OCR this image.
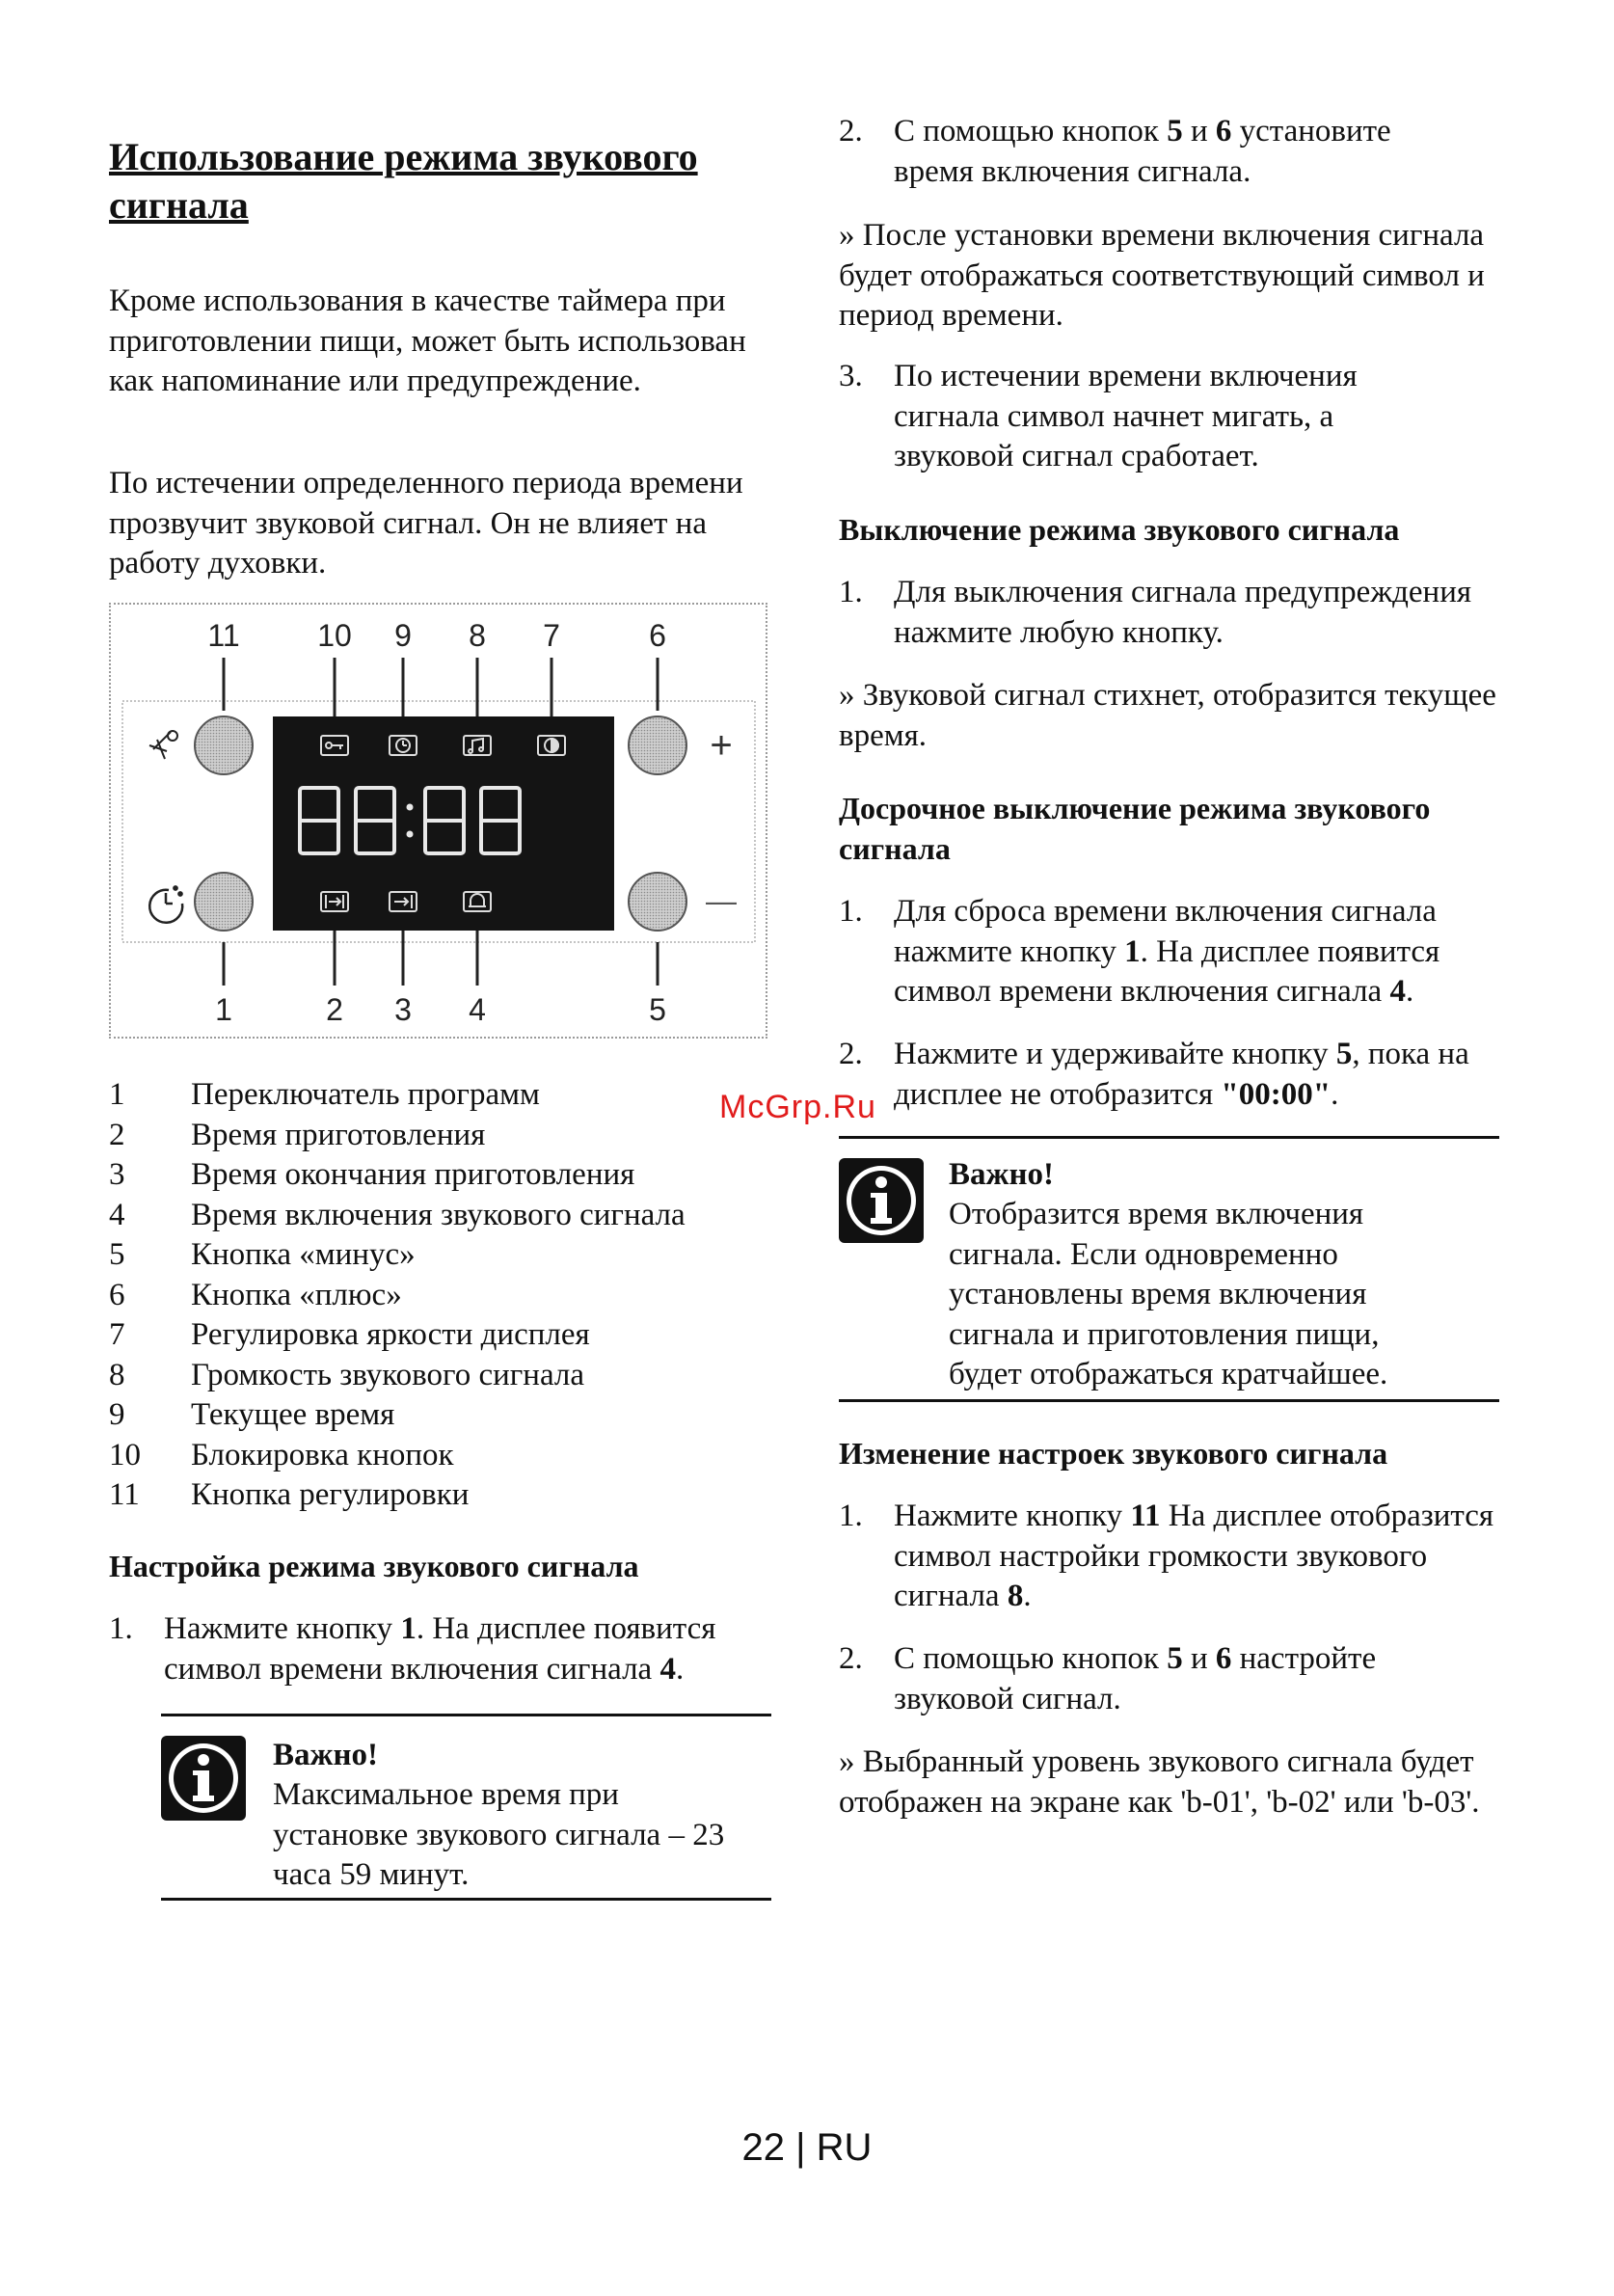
Использование режима звукового сигнала

Кроме использования в качестве таймера при приготовлении пищи, может быть использован как напоминание или предупреждение.

По истечении определенного периода времени прозвучит звуковой сигнал. Он не влияет на работу духовки.

1 Переключатель программ
2 Время приготовления
3 Время окончания приготовления
4 Время включения звукового сигнала
5 Кнопка «минус»
6 Кнопка «плюс»
7 Регулировка яркости дисплея
8 Громкость звукового сигнала
9 Текущее время
10 Блокировка кнопок
11 Кнопка регулировки

Настройка режима звукового сигнала

1. Нажмите кнопку 1. На дисплее появится символ времени включения сигнала 4.

Важно!

Максимальное время при установке звукового сигнала – 23 часа 59 минут.

11	10 9 8 7	6
1	2 3 4	5
+
—
2. С помощью кнопок 5 и 6 установите время включения сигнала.

» После установки времени включения сигнала будет отображаться соответствующий символ и период времени.

3. По истечении времени включения сигнала символ начнет мигать, а звуковой сигнал сработает.

Выключение режима звукового сигнала

1. Для выключения сигнала предупреждения нажмите любую кнопку.

» Звуковой сигнал стихнет, отобразится текущее время.

Досрочное выключение режима звукового сигнала

1. Для сброса времени включения сигнала нажмите кнопку 1. На дисплее появится символ времени включения сигнала 4.

2. Нажмите и удерживайте кнопку 5, пока на дисплее не отобразится "00:00".

Важно!

Отобразится время включения сигнала. Если одновременно установлены время включения сигнала и приготовления пищи, будет отображаться кратчайшее.

Изменение настроек звукового сигнала

1. Нажмите кнопку 11 На дисплее отобразится символ настройки громкости звукового сигнала 8.

2. С помощью кнопок 5 и 6 настройте звуковой сигнал.

» Выбранный уровень звукового сигнала будет отображен на экране как 'b-01', 'b-02' или 'b-03'.

McGrp.Ru
22 | RU
